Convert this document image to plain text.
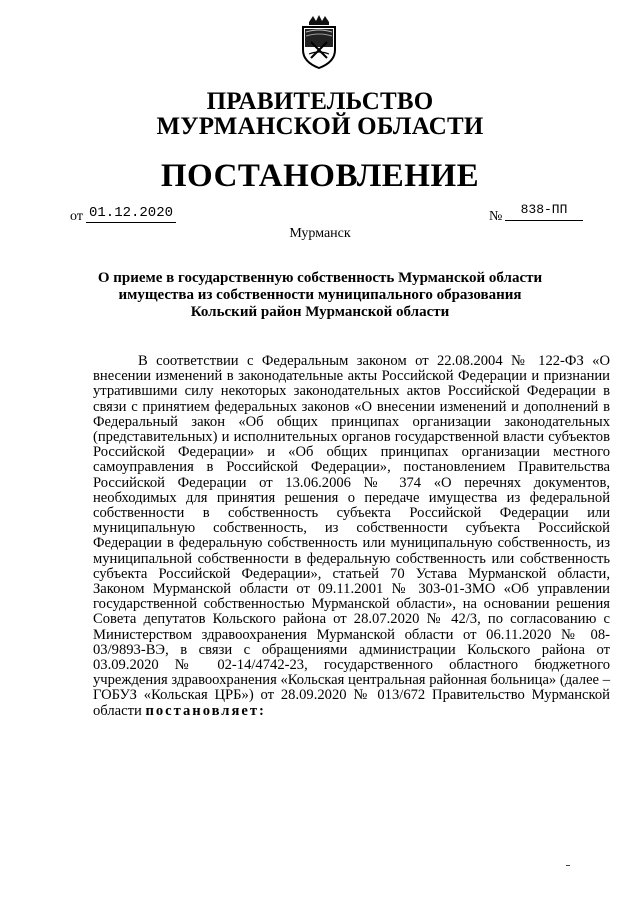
ПРАВИТЕЛЬСТВО
МУРМАНСКОЙ ОБЛАСТИ
ПОСТАНОВЛЕНИЕ
от 01.12.2020	№	838-ПП
Мурманск
О приеме в государственную собственность Мурманской области
имущества из собственности муниципального образования
Кольский район Мурманской области
В соответствии с Федеральным законом от 22.08.2004 № 122-ФЗ «О внесении изменений в законодательные акты Российской Федерации и признании утратившими силу некоторых законодательных актов Российской Федерации в связи с принятием федеральных законов «О внесении изменений и дополнений в Федеральный закон «Об общих принципах организации законодательных (представительных) и исполнительных органов государственной власти субъектов Российской Федерации» и «Об общих принципах организации местного самоуправления в Российской Федерации», постановлением Правительства Российской Федерации от 13.06.2006 № 374 «О перечнях документов, необходимых для принятия решения о передаче имущества из федеральной собственности в собственность субъекта Российской Федерации или муниципальную собственность, из собственности субъекта Российской Федерации в федеральную собственность или муниципальную собственность, из муниципальной собственности в федеральную собственность или собственность субъекта Российской Федерации», статьей 70 Устава Мурманской области, Законом Мурманской области от 09.11.2001 № 303-01-ЗМО «Об управлении государственной собственностью Мурманской области», на основании решения Совета депутатов Кольского района от 28.07.2020 № 42/3, по согласованию с Министерством здравоохранения Мурманской области от 06.11.2020 № 08-03/9893-ВЭ, в связи с обращениями администрации Кольского района от 03.09.2020 № 02-14/4742-23, государственного областного бюджетного учреждения здравоохранения «Кольская центральная районная больница» (далее – ГОБУЗ «Кольская ЦРБ») от 28.09.2020 № 013/672 Правительство Мурманской области постановляет:
